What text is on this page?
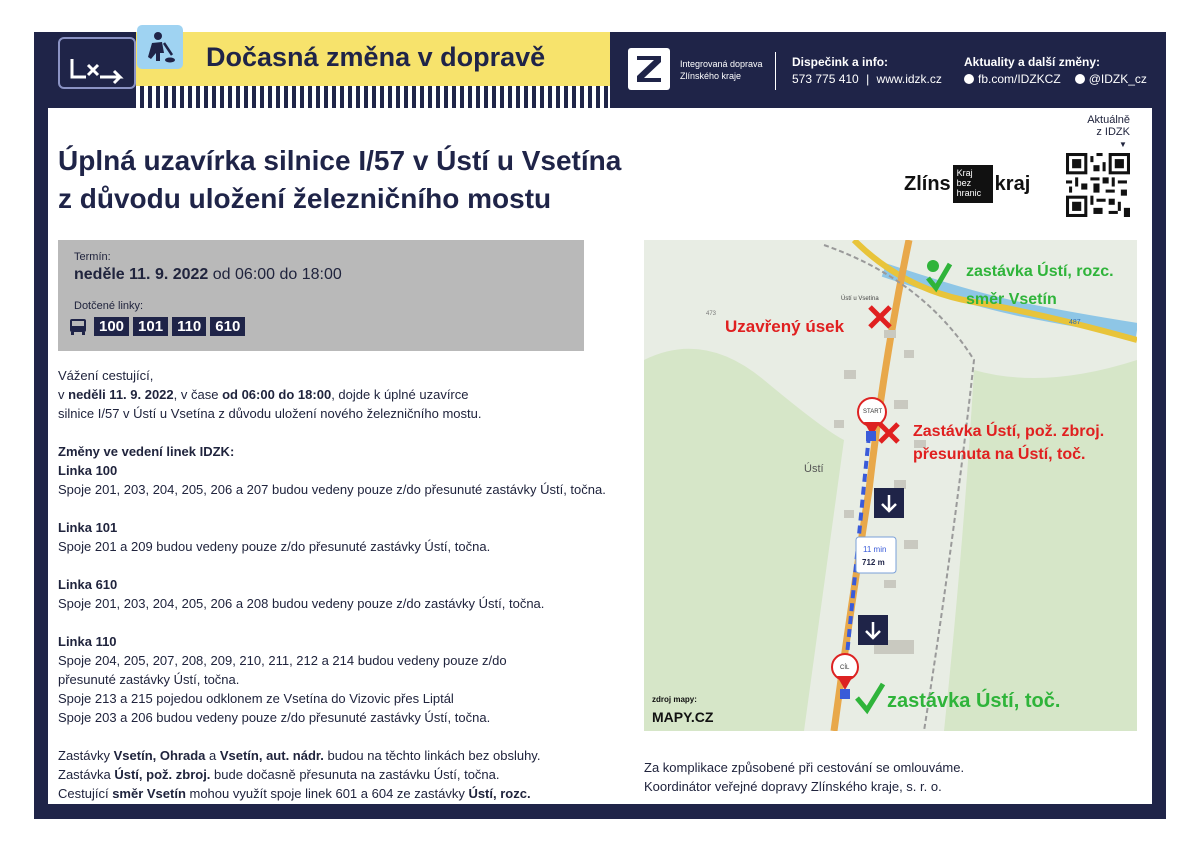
Dočasná změna v dopravě	Integrovaná doprava
Zlínského kraje
Dispečink a info:
573 775 410 | www.idzk.cz
Aktuality a další změny:
fb.com/IDZKCZ	@IDZK_cz
Aktuálně
z IDZK
▼
Zlíns Kraj bez hranic kraj
Úplná uzavírka silnice I/57 v Ústí u Vsetína
z důvodu uložení železničního mostu
Termín:
neděle 11. 9. 2022 od 06:00 do 18:00
Dotčené linky:
100 101 110 610

Vážení cestující,

v neděli 11. 9. 2022, v čase od 06:00 do 18:00, dojde k úplné uzavírce

silnice I/57 v Ústí u Vsetína z důvodu uložení nového železničního mostu.

Změny ve vedení linek IDZK:

Linka 100

Spoje 201, 203, 204, 205, 206 a 207 budou vedeny pouze z/do přesunuté zastávky Ústí, točna.

Linka 101

Spoje 201 a 209 budou vedeny pouze z/do přesunuté zastávky Ústí, točna.

Linka 610

Spoje 201, 203, 204, 205, 206 a 208 budou vedeny pouze z/do zastávky Ústí, točna.

Linka 110

Spoje 204, 205, 207, 208, 209, 210, 211, 212 a 214 budou vedeny pouze z/do

přesunuté zastávky Ústí, točna.

Spoje 213 a 215 pojedou odklonem ze Vsetína do Vizovic přes Liptál

Spoje 203 a 206 budou vedeny pouze z/do přesunuté zastávky Ústí, točna.

Zastávky Vsetín, Ohrada a Vsetín, aut. nádr. budou na těchto linkách bez obsluhy.

Zastávka Ústí, pož. zbroj. bude dočasně přesunuta na zastávku Ústí, točna.

Cestující směr Vsetín mohou využít spoje linek 601 a 604 ze zastávky Ústí, rozc.

Ústí
Ústí u Vsetína
487
473
START
CÍL
11 min
712 m
zastávka Ústí, rozc.
směr Vsetín
Uzavřený úsek
Zastávka Ústí, pož. zbroj.
přesunuta na Ústí, toč.
zastávka Ústí, toč.
zdroj mapy:
MAPY.CZ
Za komplikace způsobené při cestování se omlouváme.
Koordinátor veřejné dopravy Zlínského kraje, s. r. o.
